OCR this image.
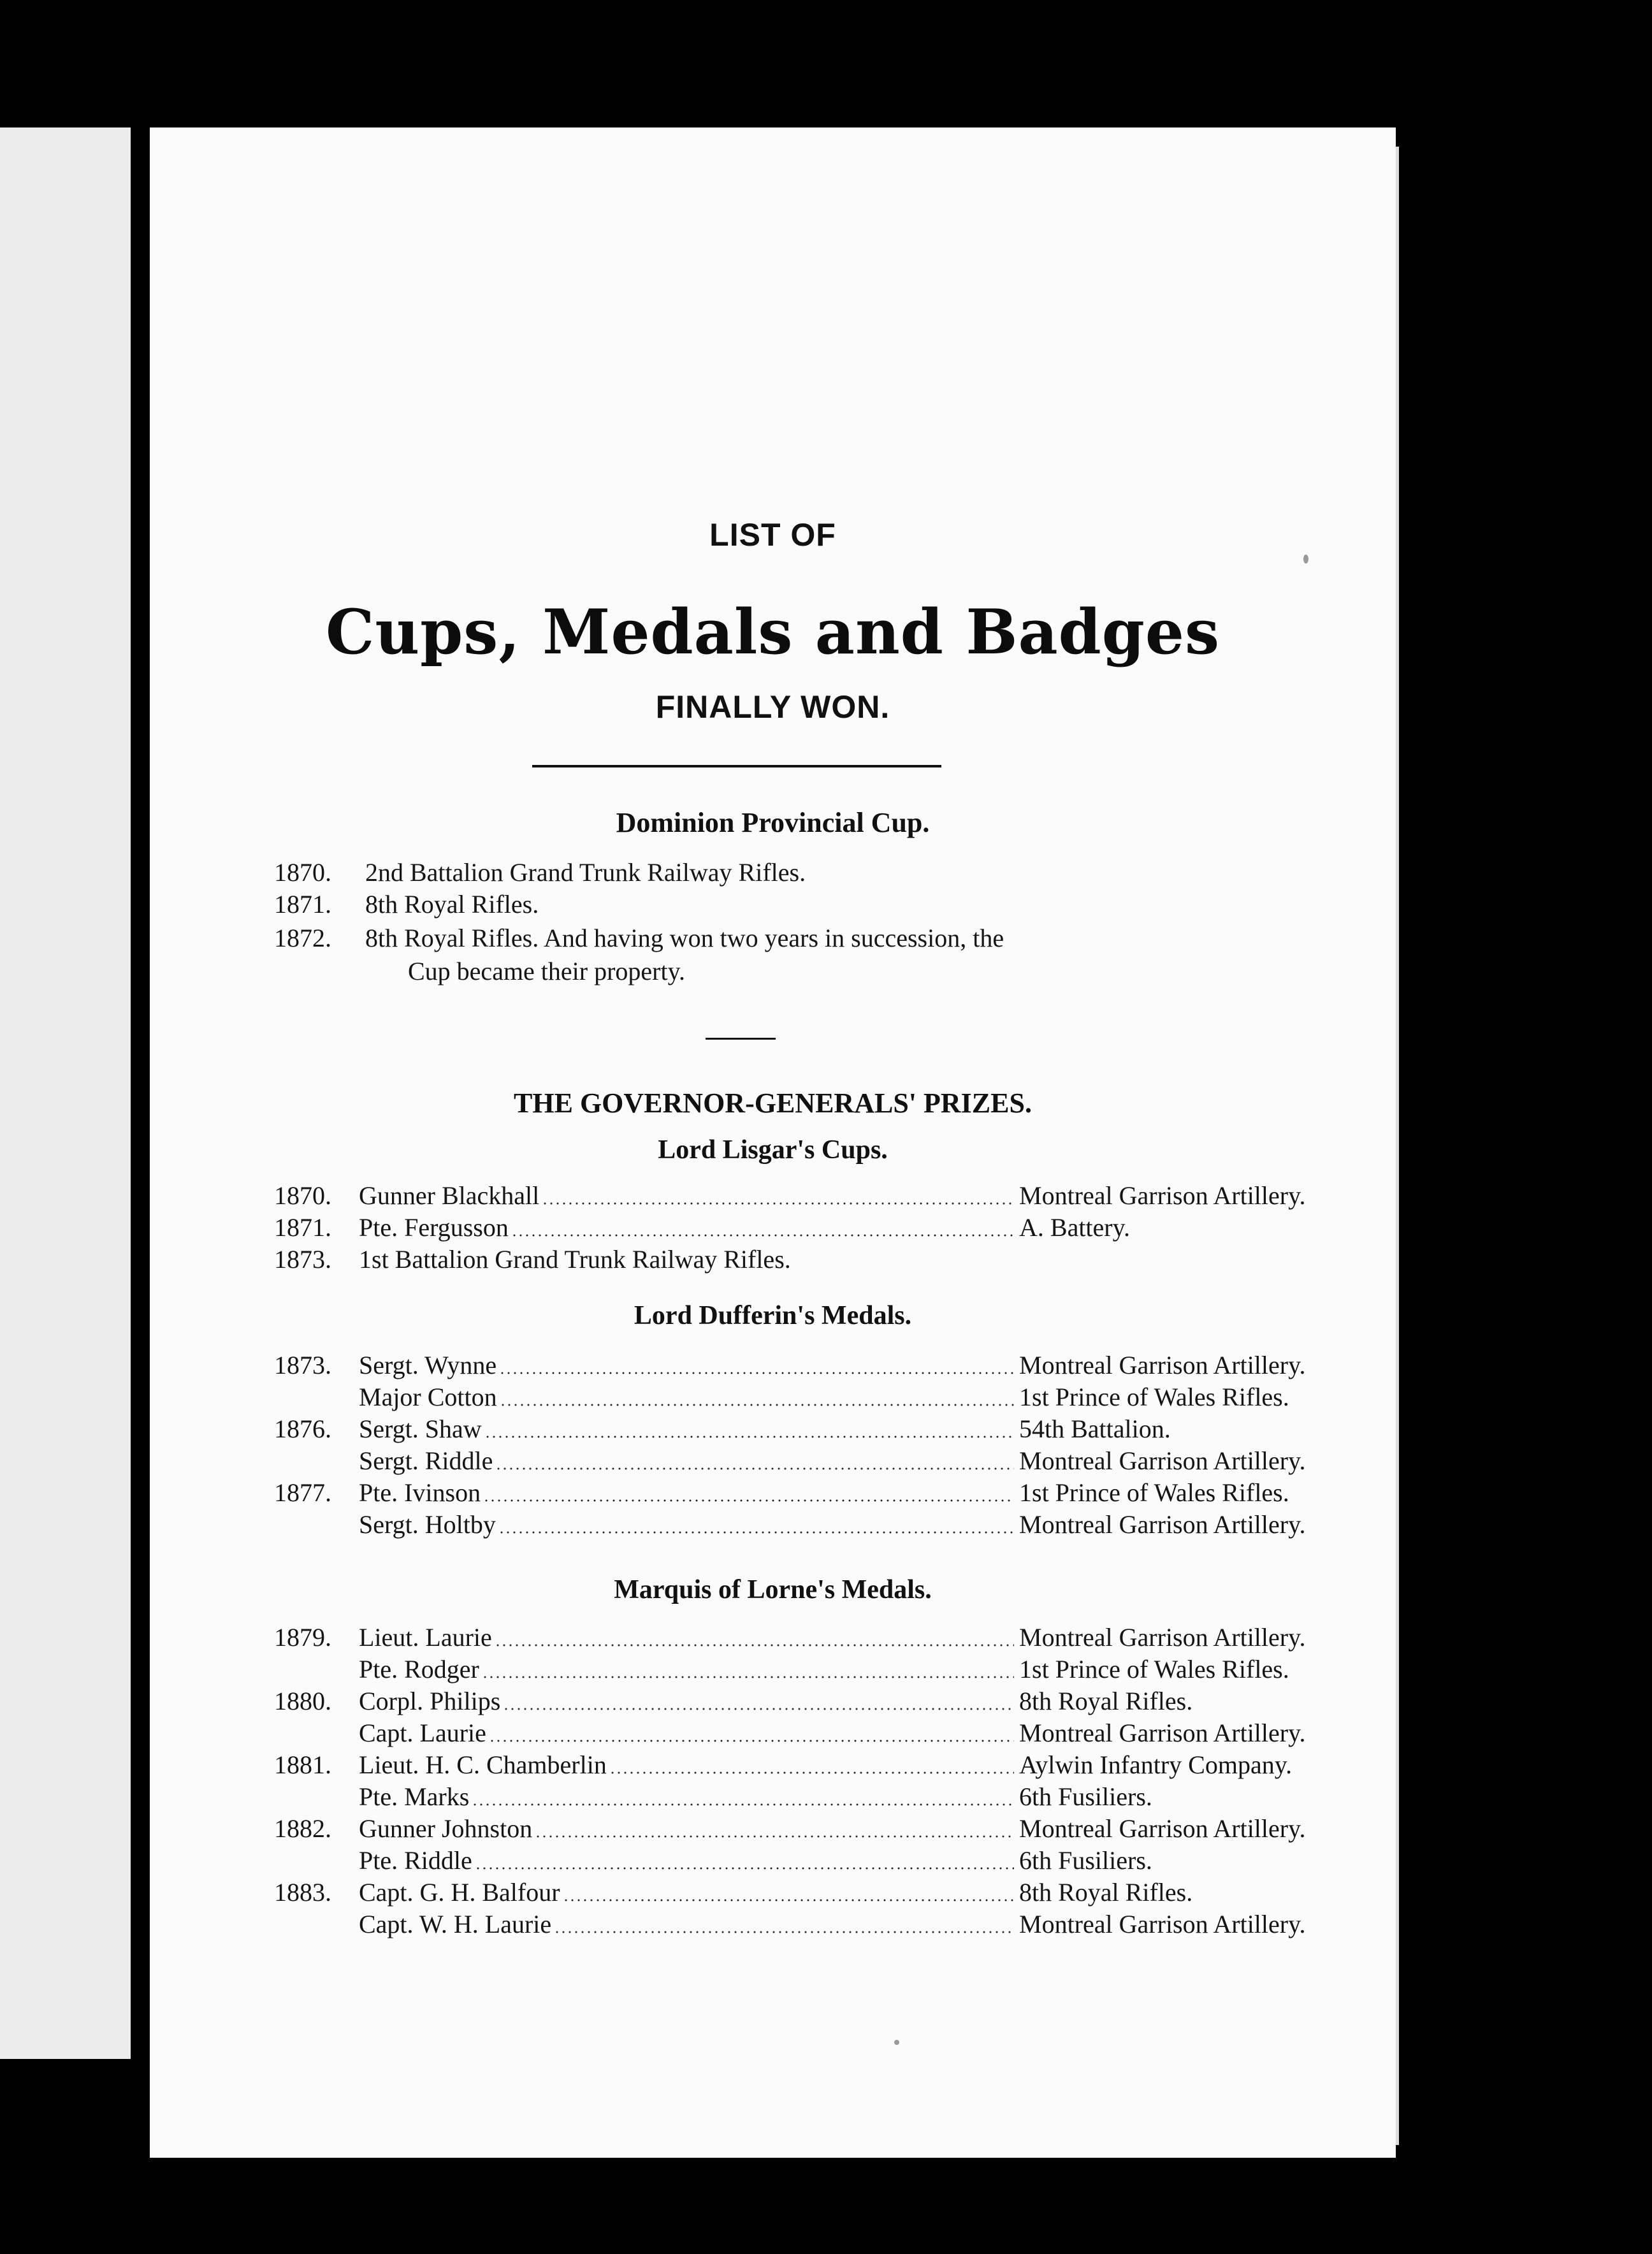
LIST OF
Cups, Medals and Badges
FINALLY WON.
Dominion Provincial Cup.
1870. 2nd Battalion Grand Trunk Railway Rifles.
1871. 8th Royal Rifles.
1872. 8th Royal Rifles. And having won two years in succession, the
Cup became their property.
THE GOVERNOR-GENERALS' PRIZES.
Lord Lisgar's Cups.
1870. Gunner Blackhall	Montreal Garrison Artillery.
1871. Pte. Fergusson	A. Battery.
1873. 1st Battalion Grand Trunk Railway Rifles.
Lord Dufferin's Medals.
1873. Sergt. Wynne	Montreal Garrison Artillery.
Major Cotton	1st Prince of Wales Rifles.
1876. Sergt. Shaw	54th Battalion.
Sergt. Riddle	Montreal Garrison Artillery.
1877. Pte. Ivinson	1st Prince of Wales Rifles.
Sergt. Holtby	Montreal Garrison Artillery.
Marquis of Lorne's Medals.
1879. Lieut. Laurie	Montreal Garrison Artillery.
Pte. Rodger	1st Prince of Wales Rifles.
1880. Corpl. Philips	8th Royal Rifles.
Capt. Laurie	Montreal Garrison Artillery.
1881. Lieut. H. C. Chamberlin	Aylwin Infantry Company.
Pte. Marks	6th Fusiliers.
1882. Gunner Johnston	Montreal Garrison Artillery.
Pte. Riddle	6th Fusiliers.
1883. Capt. G. H. Balfour	8th Royal Rifles.
Capt. W. H. Laurie	Montreal Garrison Artillery.
